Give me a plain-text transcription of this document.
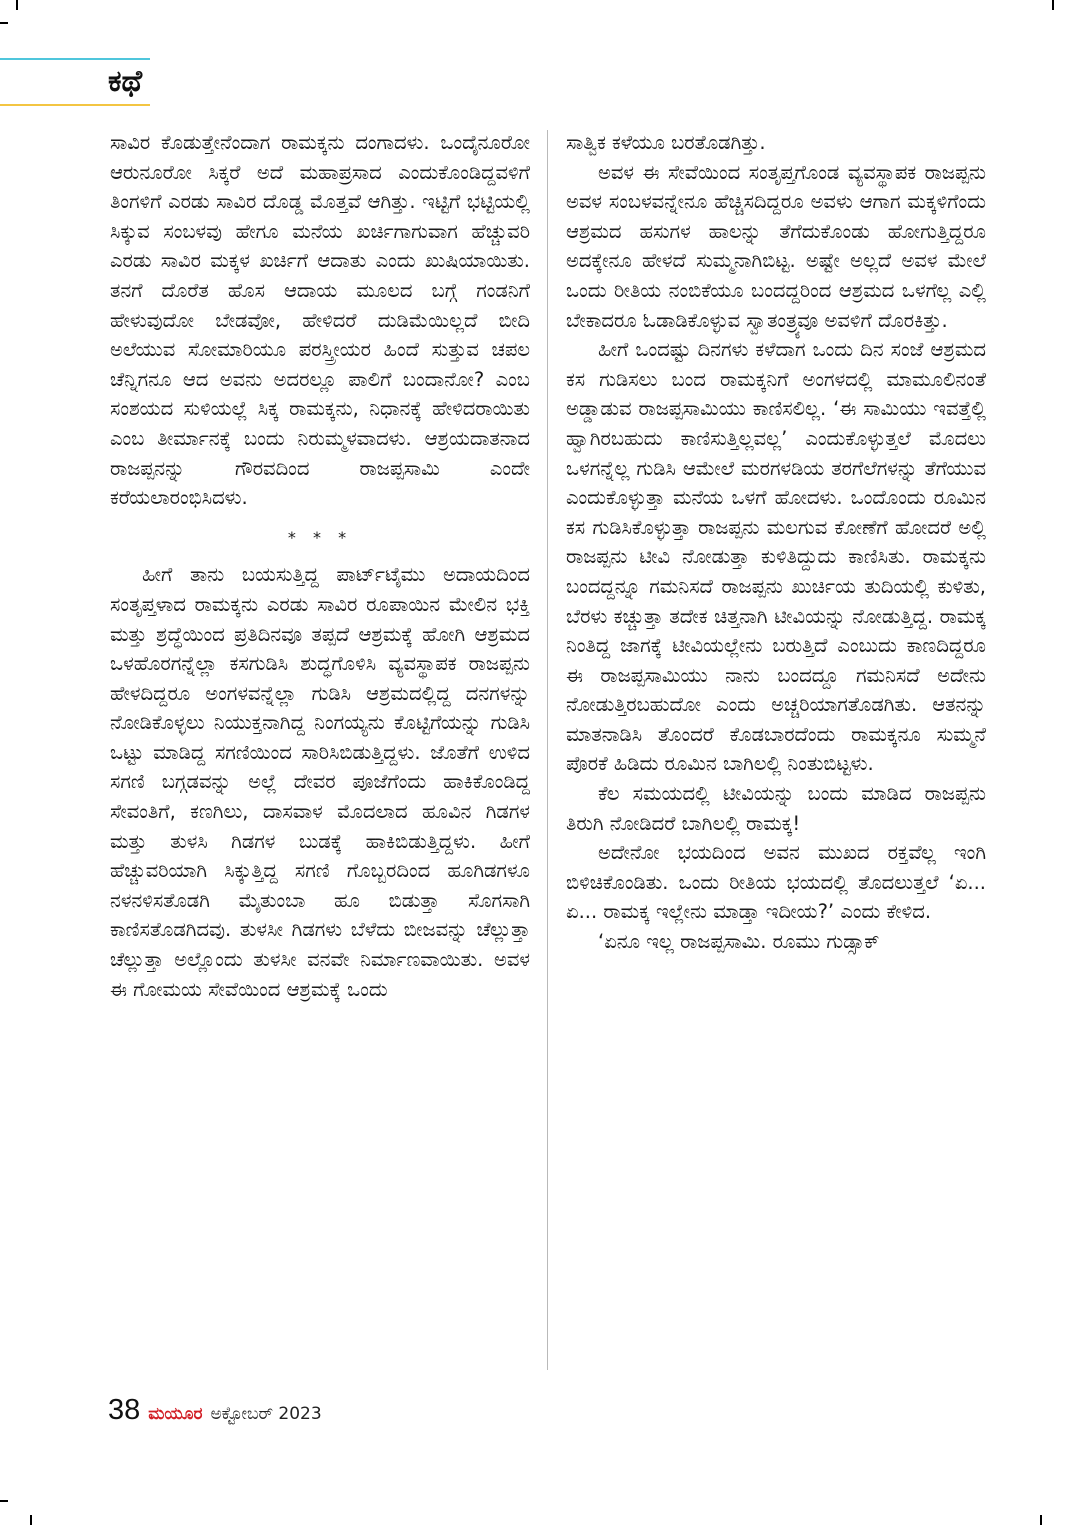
ಕಥೆ

ಸಾವಿರ ಕೊಡುತ್ತೇನೆಂದಾಗ ರಾಮಕ್ಕನು ದಂಗಾದಳು. ಒಂದೈನೂರೋ ಆರುನೂರೋ ಸಿಕ್ಕರೆ ಅದೆ ಮಹಾಪ್ರಸಾದ ಎಂದುಕೊಂಡಿದ್ದವಳಿಗೆ ತಿಂಗಳಿಗೆ ಎರಡು ಸಾವಿರ ದೊಡ್ಡ ಮೊತ್ತವೆ ಆಗಿತ್ತು. ಇಟ್ಟಿಗೆ ಭಟ್ಟಿಯಲ್ಲಿ ಸಿಕ್ಕುವ ಸಂಬಳವು ಹೇಗೂ ಮನೆಯ ಖರ್ಚಿಗಾಗುವಾಗ ಹೆಚ್ಚುವರಿ ಎರಡು ಸಾವಿರ ಮಕ್ಕಳ ಖರ್ಚಿಗೆ ಆದಾತು ಎಂದು ಖುಷಿಯಾಯಿತು. ತನಗೆ ದೊರೆತ ಹೊಸ ಆದಾಯ ಮೂಲದ ಬಗ್ಗೆ ಗಂಡನಿಗೆ ಹೇಳುವುದೋ ಬೇಡವೋ, ಹೇಳಿದರೆ ದುಡಿಮೆಯಿಲ್ಲದೆ ಬೀದಿ ಅಲೆಯುವ ಸೋಮಾರಿಯೂ ಪರಸ್ತ್ರೀಯರ ಹಿಂದೆ ಸುತ್ತುವ ಚಪಲ ಚೆನ್ನಿಗನೂ ಆದ ಅವನು ಅದರಲ್ಲೂ ಪಾಲಿಗೆ ಬಂದಾನೋ? ಎಂಬ ಸಂಶಯದ ಸುಳಿಯಲ್ಲೆ ಸಿಕ್ಕ ರಾಮಕ್ಕನು, ನಿಧಾನಕ್ಕೆ ಹೇಳಿದರಾಯಿತು ಎಂಬ ತೀರ್ಮಾನಕ್ಕೆ ಬಂದು ನಿರುಮ್ಮಳವಾದಳು. ಆಶ್ರಯದಾತನಾದ ರಾಜಪ್ಪನನ್ನು ಗೌರವದಿಂದ ರಾಜಪ್ಪಸಾಮಿ ಎಂದೇ ಕರೆಯಲಾರಂಭಿಸಿದಳು.

* * *

ಹೀಗೆ ತಾನು ಬಯಸುತ್ತಿದ್ದ ಪಾರ್ಟ್‌ಟೈಮು ಅದಾಯದಿಂದ ಸಂತೃಪ್ತಳಾದ ರಾಮಕ್ಕನು ಎರಡು ಸಾವಿರ ರೂಪಾಯಿನ ಮೇಲಿನ ಭಕ್ತಿ ಮತ್ತು ಶ್ರದ್ಧೆಯಿಂದ ಪ್ರತಿದಿನವೂ ತಪ್ಪದೆ ಆಶ್ರಮಕ್ಕೆ ಹೋಗಿ ಆಶ್ರಮದ ಒಳಹೊರಗನ್ನೆಲ್ಲಾ ಕಸಗುಡಿಸಿ ಶುದ್ಧಗೊಳಿಸಿ ವ್ಯವಸ್ಥಾಪಕ ರಾಜಪ್ಪನು ಹೇಳದಿದ್ದರೂ ಅಂಗಳವನ್ನೆಲ್ಲಾ ಗುಡಿಸಿ ಆಶ್ರಮದಲ್ಲಿದ್ದ ದನಗಳನ್ನು ನೋಡಿಕೊಳ್ಳಲು ನಿಯುಕ್ತನಾಗಿದ್ದ ನಿಂಗಯ್ಯನು ಕೊಟ್ಟಿಗೆಯನ್ನು ಗುಡಿಸಿ ಒಟ್ಟು ಮಾಡಿದ್ದ ಸಗಣಿಯಿಂದ ಸಾರಿಸಿಬಿಡುತ್ತಿದ್ದಳು. ಜೊತೆಗೆ ಉಳಿದ ಸಗಣಿ ಬಗ್ಗಡವನ್ನು ಅಲ್ಲೆ ದೇವರ ಪೂಜೆಗೆಂದು ಹಾಕಿಕೊಂಡಿದ್ದ ಸೇವಂತಿಗೆ, ಕಣಗಿಲು, ದಾಸವಾಳ ಮೊದಲಾದ ಹೂವಿನ ಗಿಡಗಳ ಮತ್ತು ತುಳಸಿ ಗಿಡಗಳ ಬುಡಕ್ಕೆ ಹಾಕಿಬಿಡುತ್ತಿದ್ದಳು. ಹೀಗೆ ಹೆಚ್ಚುವರಿಯಾಗಿ ಸಿಕ್ಕುತ್ತಿದ್ದ ಸಗಣಿ ಗೊಬ್ಬರದಿಂದ ಹೂಗಿಡಗಳೂ ನಳನಳಿಸತೊಡಗಿ ಮೈತುಂಬಾ ಹೂ ಬಿಡುತ್ತಾ ಸೊಗಸಾಗಿ ಕಾಣಿಸತೊಡಗಿದವು. ತುಳಸೀ ಗಿಡಗಳು ಬೆಳೆದು ಬೀಜವನ್ನು ಚೆಲ್ಲುತ್ತಾ ಚೆಲ್ಲುತ್ತಾ ಅಲ್ಲೊಂದು ತುಳಸೀ ವನವೇ ನಿರ್ಮಾಣವಾಯಿತು. ಅವಳ ಈ ಗೋಮಯ ಸೇವೆಯಿಂದ ಆಶ್ರಮಕ್ಕೆ ಒಂದು

ಸಾತ್ವಿಕ ಕಳೆಯೂ ಬರತೊಡಗಿತ್ತು.

ಅವಳ ಈ ಸೇವೆಯಿಂದ ಸಂತೃಪ್ತಗೊಂಡ ವ್ಯವಸ್ಥಾಪಕ ರಾಜಪ್ಪನು ಅವಳ ಸಂಬಳವನ್ನೇನೂ ಹೆಚ್ಚಿಸದಿದ್ದರೂ ಅವಳು ಆಗಾಗ ಮಕ್ಕಳಿಗೆಂದು ಆಶ್ರಮದ ಹಸುಗಳ ಹಾಲನ್ನು ತೆಗೆದುಕೊಂಡು ಹೋಗುತ್ತಿದ್ದರೂ ಅದಕ್ಕೇನೂ ಹೇಳದೆ ಸುಮ್ಮನಾಗಿಬಿಟ್ಟ. ಅಷ್ಟೇ ಅಲ್ಲದೆ ಅವಳ ಮೇಲೆ ಒಂದು ರೀತಿಯ ನಂಬಿಕೆಯೂ ಬಂದದ್ದರಿಂದ ಆಶ್ರಮದ ಒಳಗೆಲ್ಲ ಎಲ್ಲಿ ಬೇಕಾದರೂ ಓಡಾಡಿಕೊಳ್ಳುವ ಸ್ವಾತಂತ್ರ್ಯವೂ ಅವಳಿಗೆ ದೊರಕಿತ್ತು.

ಹೀಗೆ ಒಂದಷ್ಟು ದಿನಗಳು ಕಳೆದಾಗ ಒಂದು ದಿನ ಸಂಜೆ ಆಶ್ರಮದ ಕಸ ಗುಡಿಸಲು ಬಂದ ರಾಮಕ್ಕನಿಗೆ ಅಂಗಳದಲ್ಲಿ ಮಾಮೂಲಿನಂತೆ ಅಡ್ಡಾಡುವ ರಾಜಪ್ಪಸಾಮಿಯು ಕಾಣಿಸಲಿಲ್ಲ. ‘ಈ ಸಾಮಿಯು ಇವತ್ತೆಲ್ಲಿ ಹ್ವಾಗಿರಬಹುದು ಕಾಣಿಸುತ್ತಿಲ್ಲವಲ್ಲ’ ಎಂದುಕೊಳ್ಳುತ್ತಲೆ ಮೊದಲು ಒಳಗನ್ನೆಲ್ಲ ಗುಡಿಸಿ ಆಮೇಲೆ ಮರಗಳಡಿಯ ತರಗೆಲೆಗಳನ್ನು ತೆಗೆಯುವ ಎಂದುಕೊಳ್ಳುತ್ತಾ ಮನೆಯ ಒಳಗೆ ಹೋದಳು. ಒಂದೊಂದು ರೂಮಿನ ಕಸ ಗುಡಿಸಿಕೊಳ್ಳುತ್ತಾ ರಾಜಪ್ಪನು ಮಲಗುವ ಕೋಣೆಗೆ ಹೋದರೆ ಅಲ್ಲಿ ರಾಜಪ್ಪನು ಟೀವಿ ನೋಡುತ್ತಾ ಕುಳಿತಿದ್ದುದು ಕಾಣಿಸಿತು. ರಾಮಕ್ಕನು ಬಂದದ್ದನ್ನೂ ಗಮನಿಸದೆ ರಾಜಪ್ಪನು ಖುರ್ಚಿಯ ತುದಿಯಲ್ಲಿ ಕುಳಿತು, ಬೆರಳು ಕಚ್ಚುತ್ತಾ ತದೇಕ ಚಿತ್ತನಾಗಿ ಟೀವಿಯನ್ನು ನೋಡುತ್ತಿದ್ದ. ರಾಮಕ್ಕ ನಿಂತಿದ್ದ ಜಾಗಕ್ಕೆ ಟೀವಿಯಲ್ಲೇನು ಬರುತ್ತಿದೆ ಎಂಬುದು ಕಾಣದಿದ್ದರೂ ಈ ರಾಜಪ್ಪಸಾಮಿಯು ನಾನು ಬಂದದ್ದೂ ಗಮನಿಸದೆ ಅದೇನು ನೋಡುತ್ತಿರಬಹುದೋ ಎಂದು ಅಚ್ಚರಿಯಾಗತೊಡಗಿತು. ಆತನನ್ನು ಮಾತನಾಡಿಸಿ ತೊಂದರೆ ಕೊಡಬಾರದೆಂದು ರಾಮಕ್ಕನೂ ಸುಮ್ಮನೆ ಪೊರಕೆ ಹಿಡಿದು ರೂಮಿನ ಬಾಗಿಲಲ್ಲಿ ನಿಂತುಬಿಟ್ಟಳು.

ಕೆಲ ಸಮಯದಲ್ಲಿ ಟೀವಿಯನ್ನು ಬಂದು ಮಾಡಿದ ರಾಜಪ್ಪನು ತಿರುಗಿ ನೋಡಿದರೆ ಬಾಗಿಲಲ್ಲಿ ರಾಮಕ್ಕ!

ಅದೇನೋ ಭಯದಿಂದ ಅವನ ಮುಖದ ರಕ್ತವೆಲ್ಲ ಇಂಗಿ ಬಿಳಿಚಿಕೊಂಡಿತು. ಒಂದು ರೀತಿಯ ಭಯದಲ್ಲಿ ತೊದಲುತ್ತಲೆ ‘ಏ... ಏ... ರಾಮಕ್ಕ ಇಲ್ಲೇನು ಮಾಡ್ತಾ ಇದೀಯ?’ ಎಂದು ಕೇಳಿದ.

‘ಏನೂ ಇಲ್ಲ ರಾಜಪ್ಪಸಾಮಿ. ರೂಮು ಗುಡ್ಸಾಕ್

38 ಮಯೂರ ಅಕ್ಟೋಬರ್ 2023
